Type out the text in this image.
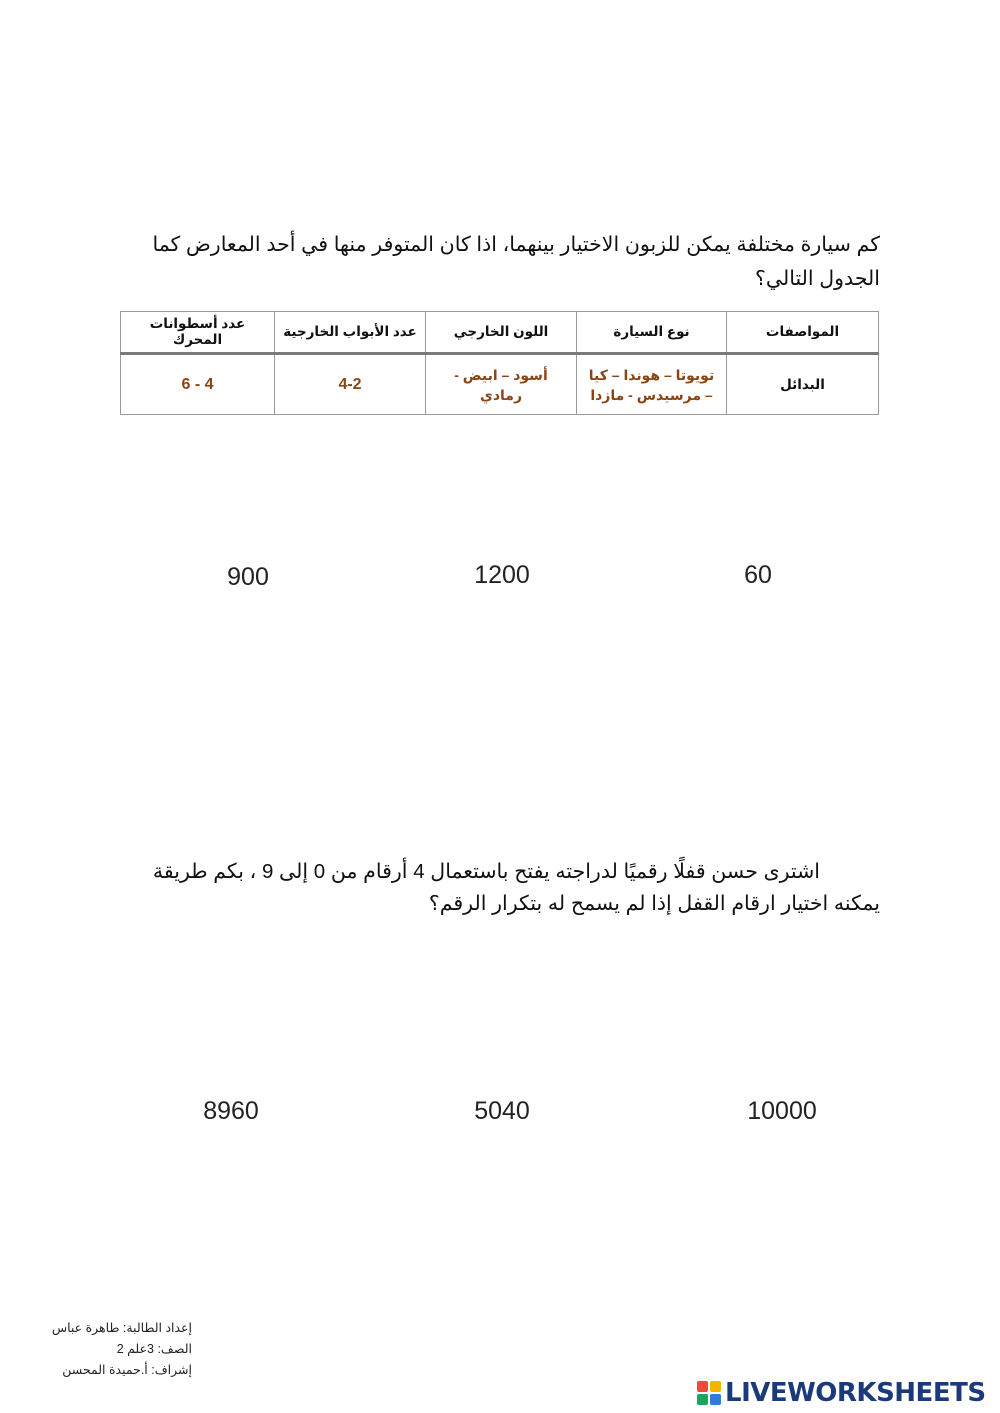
كم سيارة مختلفة يمكن للزبون الاختيار بينهما، اذا كان المتوفر منها في أحد المعارض كما
الجدول التالي؟
المواصفات	نوع السيارة	اللون الخارجي	عدد الأبواب الخارجية	عدد أسطوانات المحرك
البدائل	تويوتا – هوندا – كيا – مرسيدس - مازدا	أسود – ابيض - رمادي	4-2	4 - 6
900	1200	60
اشترى حسن قفلًا رقميًا لدراجته يفتح باستعمال 4 أرقام من 0 إلى 9 ، بكم طريقة
يمكنه اختيار ارقام القفل إذا لم يسمح له بتكرار الرقم؟
8960	5040	10000
إعداد الطالبة: طاهرة عباس
الصف: 3علم 2
إشراف: أ.حميدة المحسن
LIVEWORKSHEETS
